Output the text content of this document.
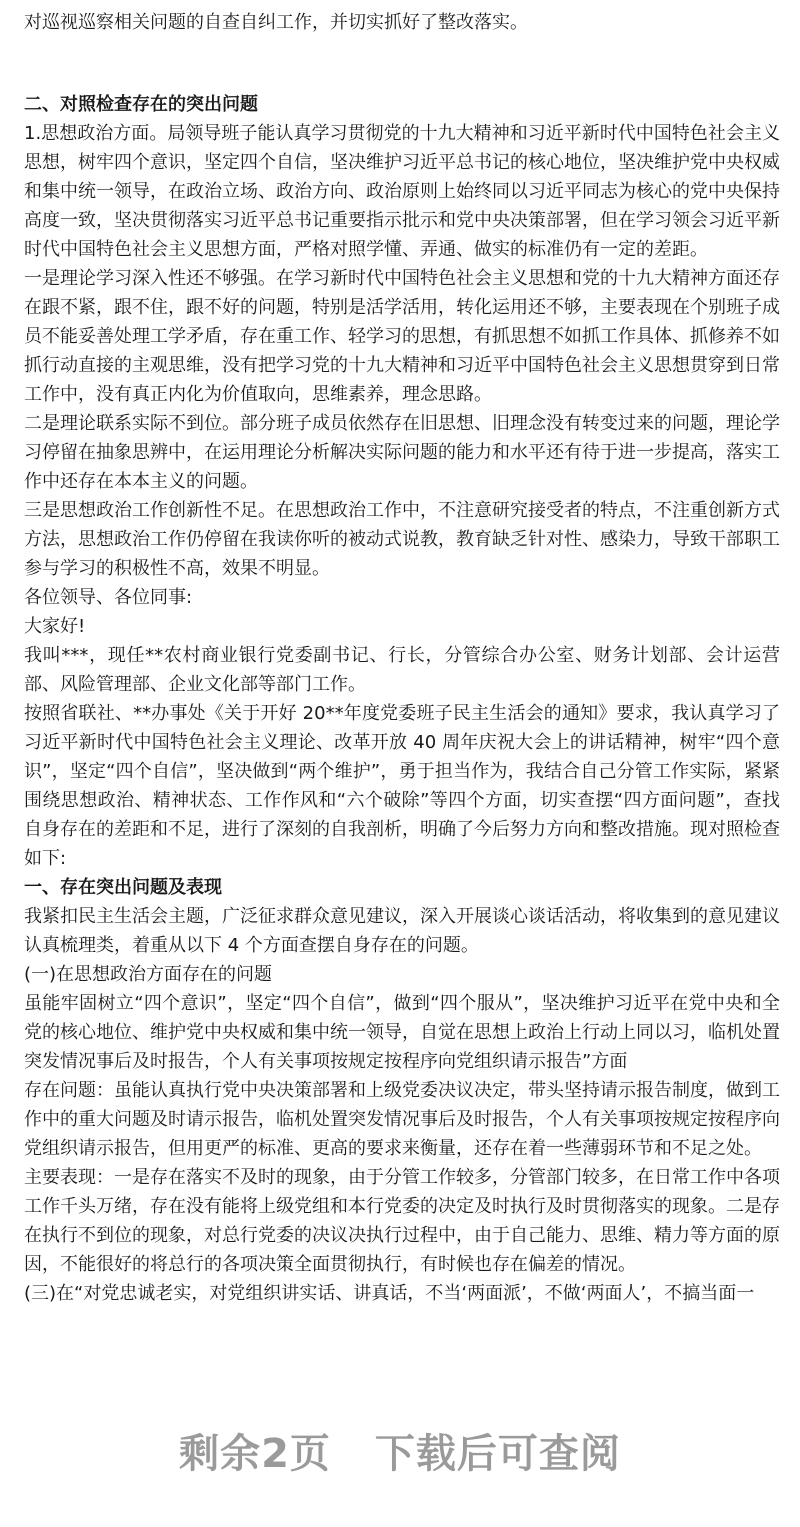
对巡视巡察相关问题的自查自纠工作，并切实抓好了整改落实。

二、对照检查存在的突出问题

1.思想政治方面。局领导班子能认真学习贯彻党的十九大精神和习近平新时代中国特色社会主义思想，树牢四个意识，坚定四个自信，坚决维护习近平总书记的核心地位，坚决维护党中央权威和集中统一领导，在政治立场、政治方向、政治原则上始终同以习近平同志为核心的党中央保持高度一致，坚决贯彻落实习近平总书记重要指示批示和党中央决策部署，但在学习领会习近平新时代中国特色社会主义思想方面，严格对照学懂、弄通、做实的标准仍有一定的差距。

一是理论学习深入性还不够强。在学习新时代中国特色社会主义思想和党的十九大精神方面还存在跟不紧，跟不住，跟不好的问题，特别是活学活用，转化运用还不够，主要表现在个别班子成员不能妥善处理工学矛盾，存在重工作、轻学习的思想，有抓思想不如抓工作具体、抓修养不如抓行动直接的主观思维，没有把学习党的十九大精神和习近平中国特色社会主义思想贯穿到日常工作中，没有真正内化为价值取向，思维素养，理念思路。

二是理论联系实际不到位。部分班子成员依然存在旧思想、旧理念没有转变过来的问题，理论学习停留在抽象思辨中，在运用理论分析解决实际问题的能力和水平还有待于进一步提高，落实工作中还存在本本主义的问题。

三是思想政治工作创新性不足。在思想政治工作中，不注意研究接受者的特点，不注重创新方式方法，思想政治工作仍停留在我读你听的被动式说教，教育缺乏针对性、感染力，导致干部职工参与学习的积极性不高，效果不明显。

各位领导、各位同事:

大家好!

我叫***，现任**农村商业银行党委副书记、行长，分管综合办公室、财务计划部、会计运营部、风险管理部、企业文化部等部门工作。

按照省联社、**办事处《关于开好 20**年度党委班子民主生活会的通知》要求，我认真学习了习近平新时代中国特色社会主义理论、改革开放 40 周年庆祝大会上的讲话精神，树牢“四个意识”，坚定“四个自信”，坚决做到“两个维护”，勇于担当作为，我结合自己分管工作实际，紧紧围绕思想政治、精神状态、工作作风和“六个破除”等四个方面，切实查摆“四方面问题”，查找自身存在的差距和不足，进行了深刻的自我剖析，明确了今后努力方向和整改措施。现对照检查如下:

一、存在突出问题及表现

我紧扣民主生活会主题，广泛征求群众意见建议，深入开展谈心谈话活动，将收集到的意见建议认真梳理类，着重从以下 4 个方面查摆自身存在的问题。

(一)在思想政治方面存在的问题

虽能牢固树立“四个意识”，坚定“四个自信”，做到“四个服从”，坚决维护习近平在党中央和全党的核心地位、维护党中央权威和集中统一领导，自觉在思想上政治上行动上同以习，临机处置突发情况事后及时报告，个人有关事项按规定按程序向党组织请示报告”方面

存在问题：虽能认真执行党中央决策部署和上级党委决议决定，带头坚持请示报告制度，做到工作中的重大问题及时请示报告，临机处置突发情况事后及时报告，个人有关事项按规定按程序向党组织请示报告，但用更严的标准、更高的要求来衡量，还存在着一些薄弱环节和不足之处。

主要表现：一是存在落实不及时的现象，由于分管工作较多，分管部门较多，在日常工作中各项工作千头万绪，存在没有能将上级党组和本行党委的决定及时执行及时贯彻落实的现象。二是存在执行不到位的现象，对总行党委的决议决执行过程中，由于自己能力、思维、精力等方面的原因，不能很好的将总行的各项决策全面贯彻执行，有时候也存在偏差的情况。

(三)在“对党忠诚老实，对党组织讲实话、讲真话，不当‘两面派’，不做‘两面人’，不搞当面一

剩余2页 下载后可查阅
